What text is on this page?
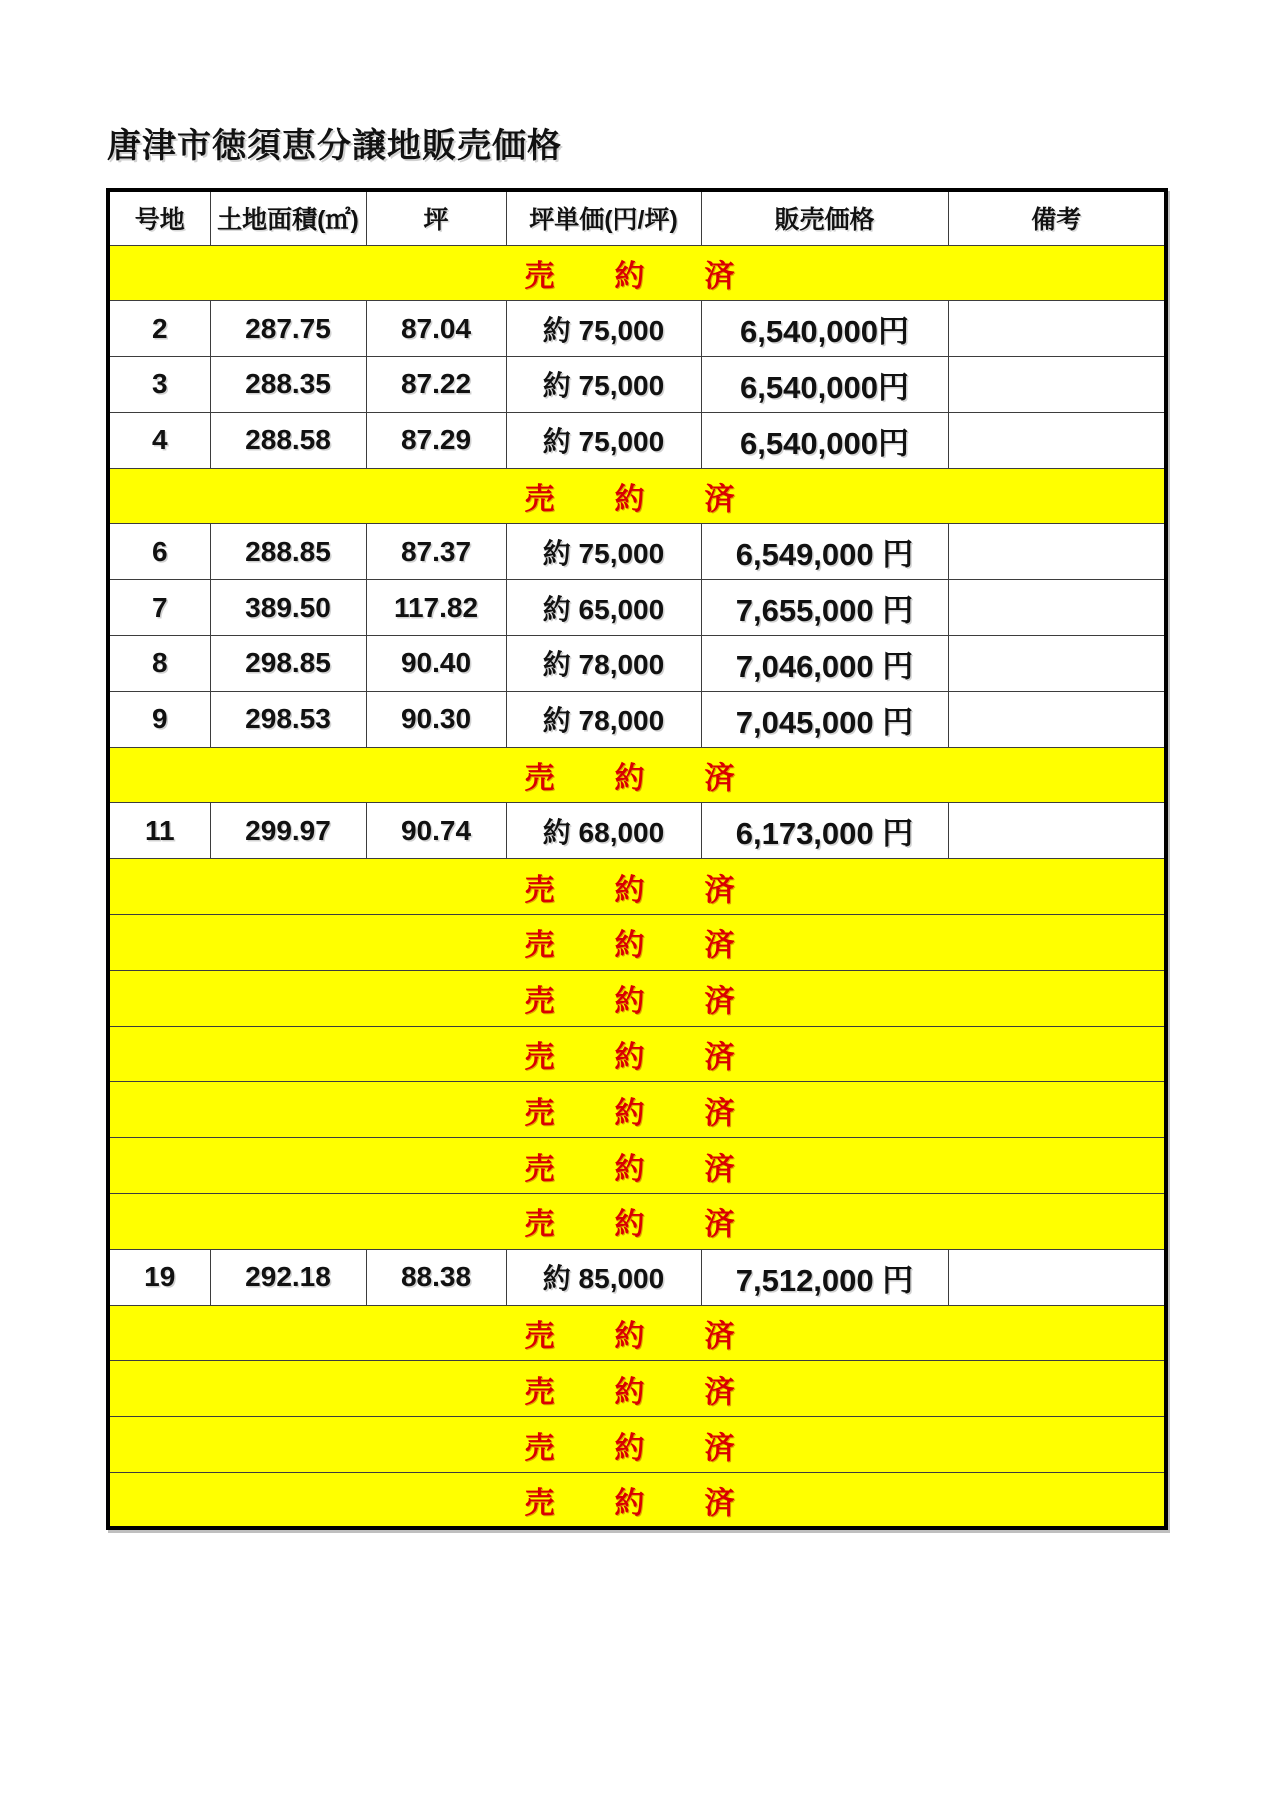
唐津市徳須恵分譲地販売価格
号地	土地面積(㎡)	坪	坪単価(円/坪)	販売価格	備考
売　約　済					
2	287.75	87.04	約 75,000	6,540,000円	
3	288.35	87.22	約 75,000	6,540,000円	
4	288.58	87.29	約 75,000	6,540,000円	
売　約　済					
6	288.85	87.37	約 75,000	6,549,000 円	
7	389.50	117.82	約 65,000	7,655,000 円	
8	298.85	90.40	約 78,000	7,046,000 円	
9	298.53	90.30	約 78,000	7,045,000 円	
売　約　済					
11	299.97	90.74	約 68,000	6,173,000 円	
売　約　済					
売　約　済					
売　約　済					
売　約　済					
売　約　済					
売　約　済					
売　約　済					
19	292.18	88.38	約 85,000	7,512,000 円	
売　約　済					
売　約　済					
売　約　済					
売　約　済					
